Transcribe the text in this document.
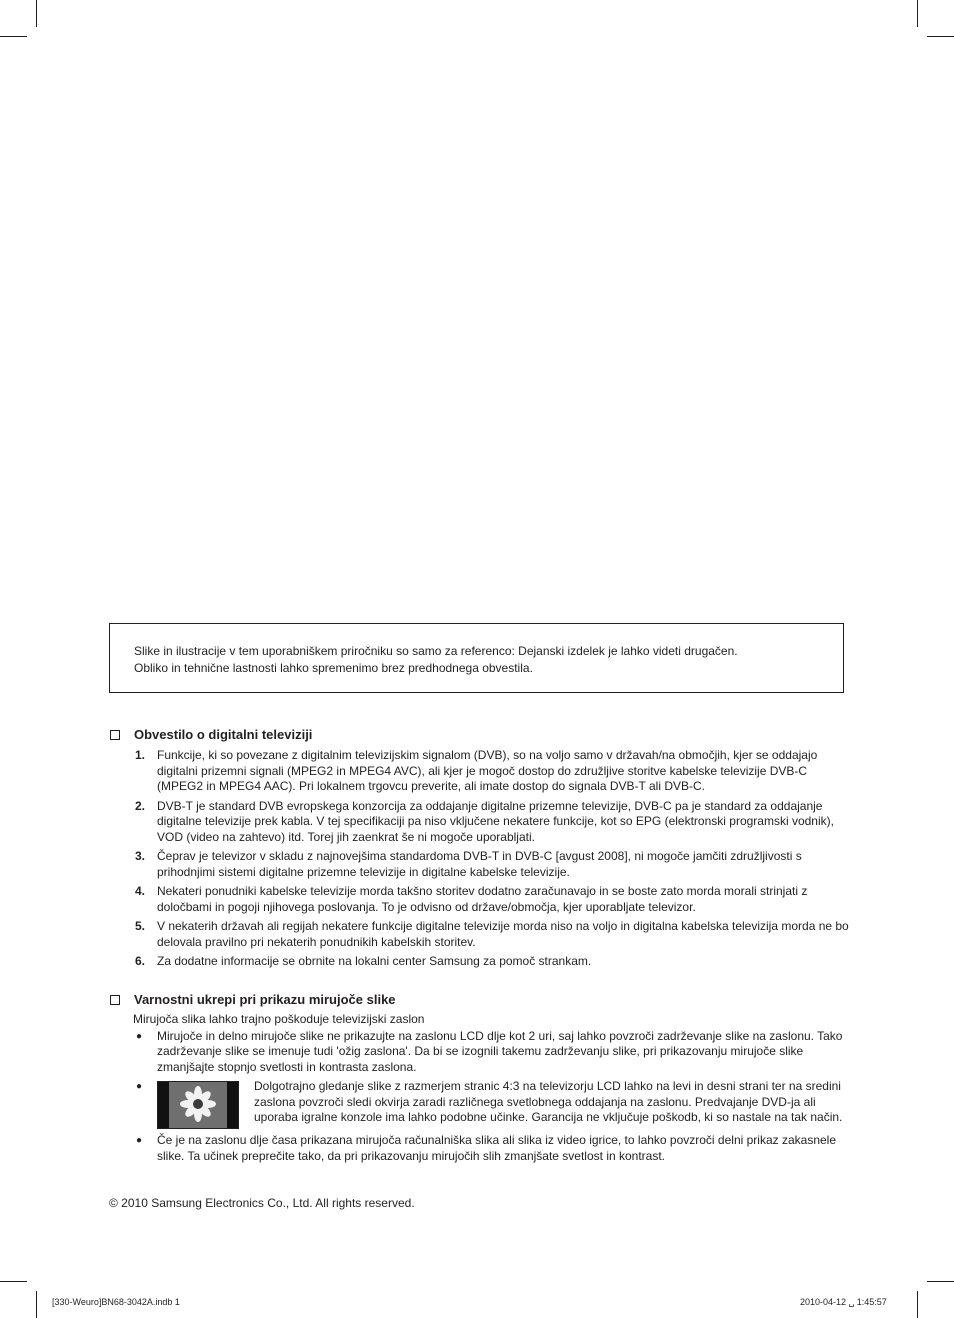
Slike in ilustracije v tem uporabniškem priročniku so samo za referenco: Dejanski izdelek je lahko videti drugačen.

Obliko in tehnične lastnosti lahko spremenimo brez predhodnega obvestila.

Obvestilo o digitalni televiziji
1. Funkcije, ki so povezane z digitalnim televizijskim signalom (DVB), so na voljo samo v državah/na območjih, kjer se oddajajo digitalni prizemni signali (MPEG2 in MPEG4 AVC), ali kjer je mogoč dostop do združljive storitve kabelske televizije DVB-C (MPEG2 in MPEG4 AAC). Pri lokalnem trgovcu preverite, ali imate dostop do signala DVB-T ali DVB-C.
2. DVB-T je standard DVB evropskega konzorcija za oddajanje digitalne prizemne televizije, DVB-C pa je standard za oddajanje digitalne televizije prek kabla. V tej specifikaciji pa niso vključene nekatere funkcije, kot so EPG (elektronski programski vodnik), VOD (video na zahtevo) itd. Torej jih zaenkrat še ni mogoče uporabljati.
3. Čeprav je televizor v skladu z najnovejšima standardoma DVB-T in DVB-C [avgust 2008], ni mogoče jamčiti združljivosti s prihodnjimi sistemi digitalne prizemne televizije in digitalne kabelske televizije.
4. Nekateri ponudniki kabelske televizije morda takšno storitev dodatno zaračunavajo in se boste zato morda morali strinjati z določbami in pogoji njihovega poslovanja. To je odvisno od države/območja, kjer uporabljate televizor.
5. V nekaterih državah ali regijah nekatere funkcije digitalne televizije morda niso na voljo in digitalna kabelska televizija morda ne bo delovala pravilno pri nekaterih ponudnikih kabelskih storitev.
6. Za dodatne informacije se obrnite na lokalni center Samsung za pomoč strankam.
Varnostni ukrepi pri prikazu mirujoče slike
Mirujoča slika lahko trajno poškoduje televizijski zaslon
●	Mirujoče in delno mirujoče slike ne prikazujte na zaslonu LCD dlje kot 2 uri, saj lahko povzroči zadrževanje slike na zaslonu. Tako zadrževanje slike se imenuje tudi 'ožig zaslona'. Da bi se izognili takemu zadrževanju slike, pri prikazovanju mirujoče slike zmanjšajte stopnjo svetlosti in kontrasta zaslona.
●	Dolgotrajno gledanje slike z razmerjem stranic 4:3 na televizorju LCD lahko na levi in desni strani ter na sredini zaslona povzroči sledi okvirja zaradi različnega svetlobnega oddajanja na zaslonu. Predvajanje DVD-ja ali uporaba igralne konzole ima lahko podobne učinke. Garancija ne vključuje poškodb, ki so nastale na tak način.
●	Če je na zaslonu dlje časa prikazana mirujoča računalniška slika ali slika iz video igrice, to lahko povzroči delni prikaz zakasnele slike. Ta učinek preprečite tako, da pri prikazovanju mirujočih slih zmanjšate svetlost in kontrast.
© 2010 Samsung Electronics Co., Ltd. All rights reserved.
[330-Weuro]BN68-3042A.indb 1	2010-04-12 ␣ 1:45:57
